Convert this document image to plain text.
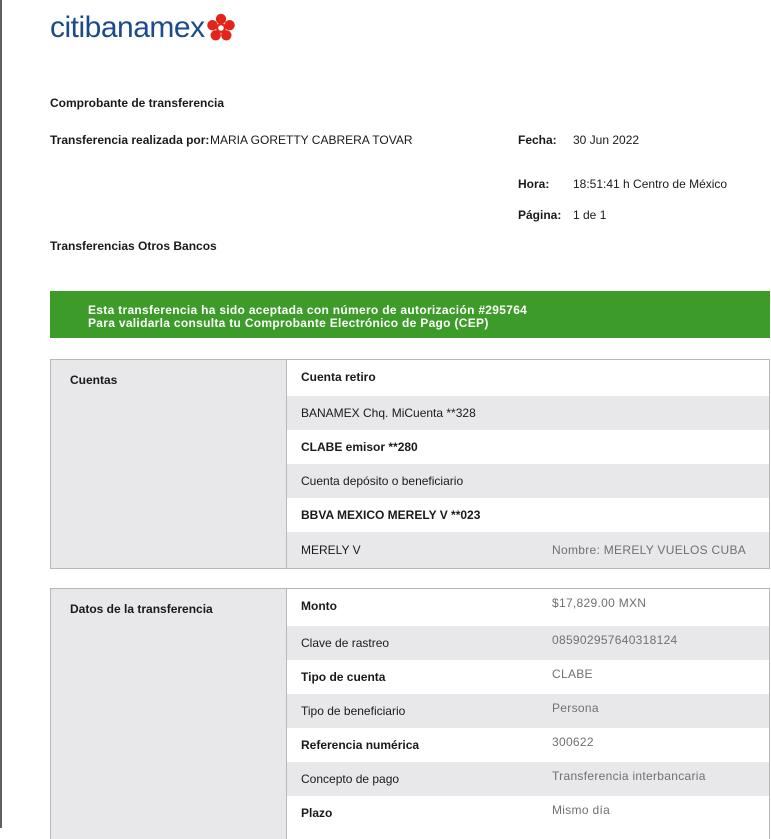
citibanamex
Comprobante de transferencia
Transferencia realizada por: MARIA GORETTY CABRERA TOVAR	Fecha: 30 Jun 2022
Hora: 18:51:41 h Centro de México
Página: 1 de 1
Transferencias Otros Bancos
Esta transferencia ha sido aceptada con número de autorización #295764
Para validarla consulta tu Comprobante Electrónico de Pago (CEP)
Cuentas	Cuenta retiro
BANAMEX Chq. MiCuenta **328
CLABE emisor **280
Cuenta depósito o beneficiario
BBVA MEXICO MERELY V **023
MERELY V	Nombre: MERELY VUELOS CUBA
Datos de la transferencia	Monto	$17,829.00 MXN
Clave de rastreo	085902957640318124
Tipo de cuenta	CLABE
Tipo de beneficiario	Persona
Referencia numérica	300622
Concepto de pago	Transferencia interbancaria
Plazo	Mismo día
